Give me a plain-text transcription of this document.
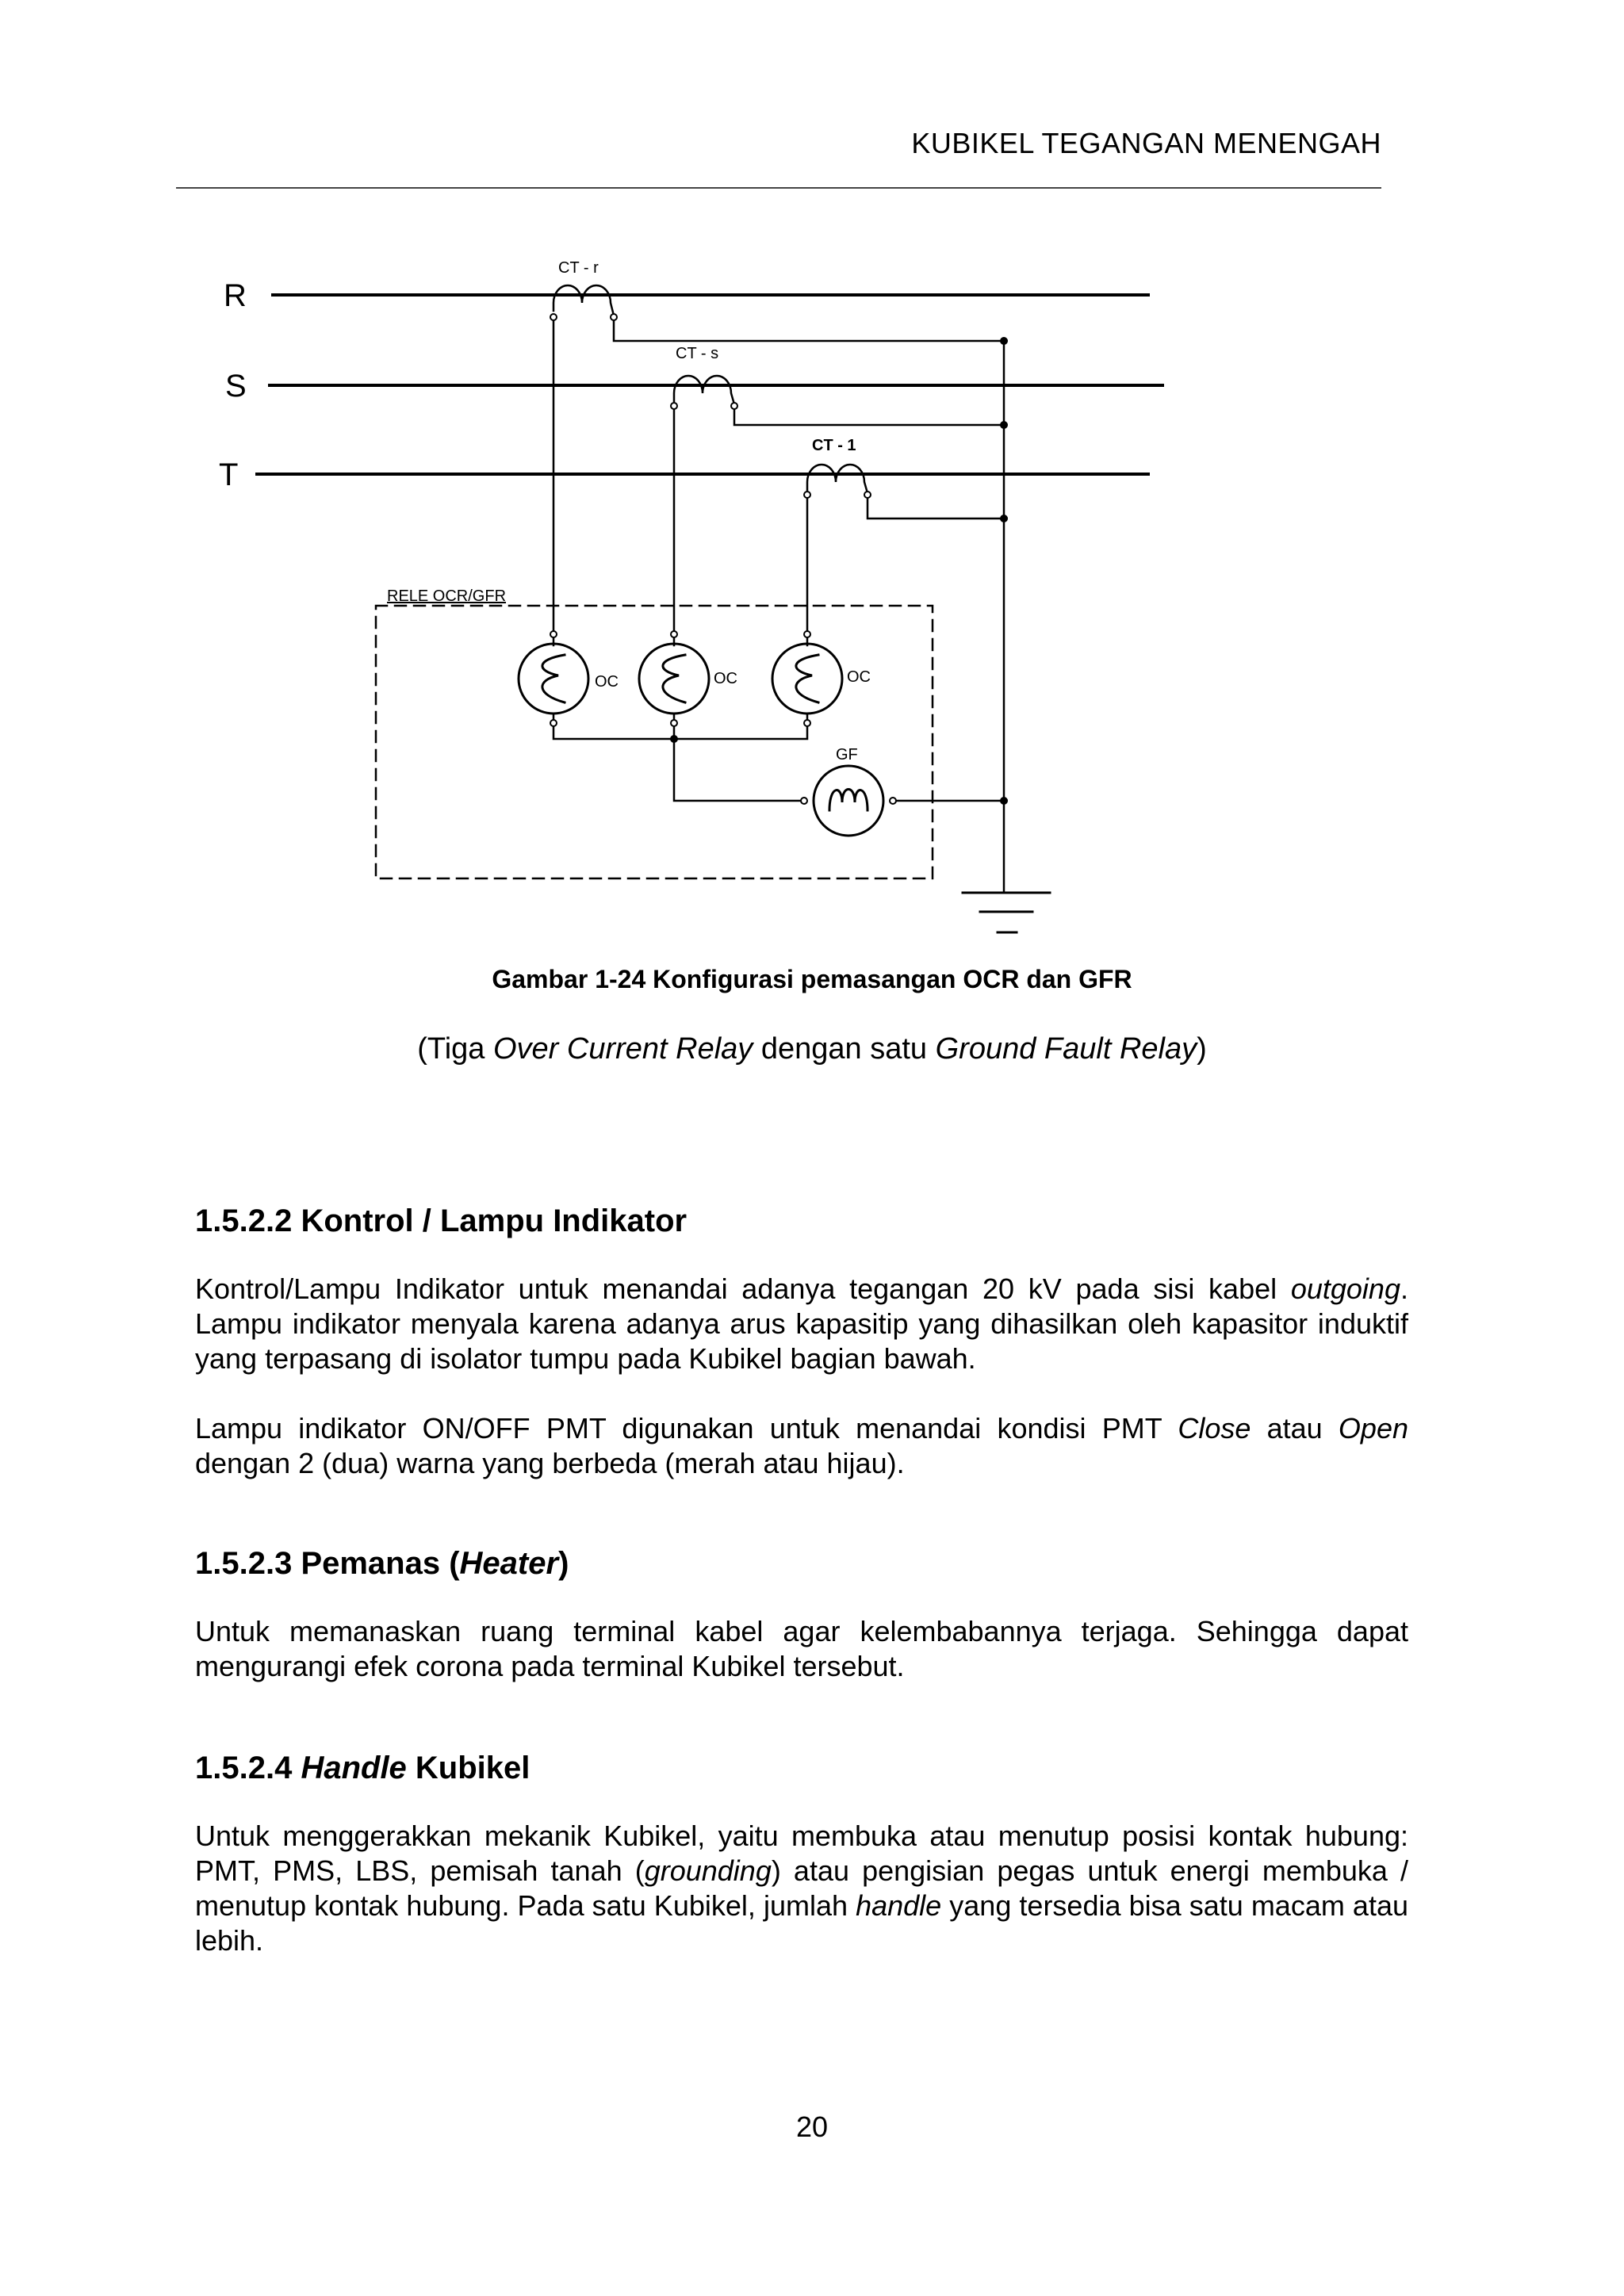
KUBIKEL TEGANGAN MENENGAH
R
S
T
CT - r
CT - s
CT - 1
RELE OCR/GFR
OC	OC	OC
GF
Gambar 1-24 Konfigurasi pemasangan OCR dan GFR
(Tiga Over Current Relay dengan satu Ground Fault Relay)
1.5.2.2 Kontrol / Lampu Indikator

Kontrol/Lampu Indikator untuk menandai adanya tegangan 20 kV pada sisi kabel outgoing. Lampu indikator menyala karena adanya arus kapasitip yang dihasilkan oleh kapasitor induktif yang terpasang di isolator tumpu pada Kubikel bagian bawah.

Lampu indikator ON/OFF PMT digunakan untuk menandai kondisi PMT Close atau Open dengan 2 (dua) warna yang berbeda (merah atau hijau).

1.5.2.3 Pemanas (Heater)

Untuk memanaskan ruang terminal kabel agar kelembabannya terjaga. Sehingga dapat mengurangi efek corona pada terminal Kubikel tersebut.

1.5.2.4 Handle Kubikel

Untuk menggerakkan mekanik Kubikel, yaitu membuka atau menutup posisi kontak hubung: PMT, PMS, LBS, pemisah tanah (grounding) atau pengisian pegas untuk energi membuka / menutup kontak hubung. Pada satu Kubikel, jumlah handle yang tersedia bisa satu macam atau lebih.

20
